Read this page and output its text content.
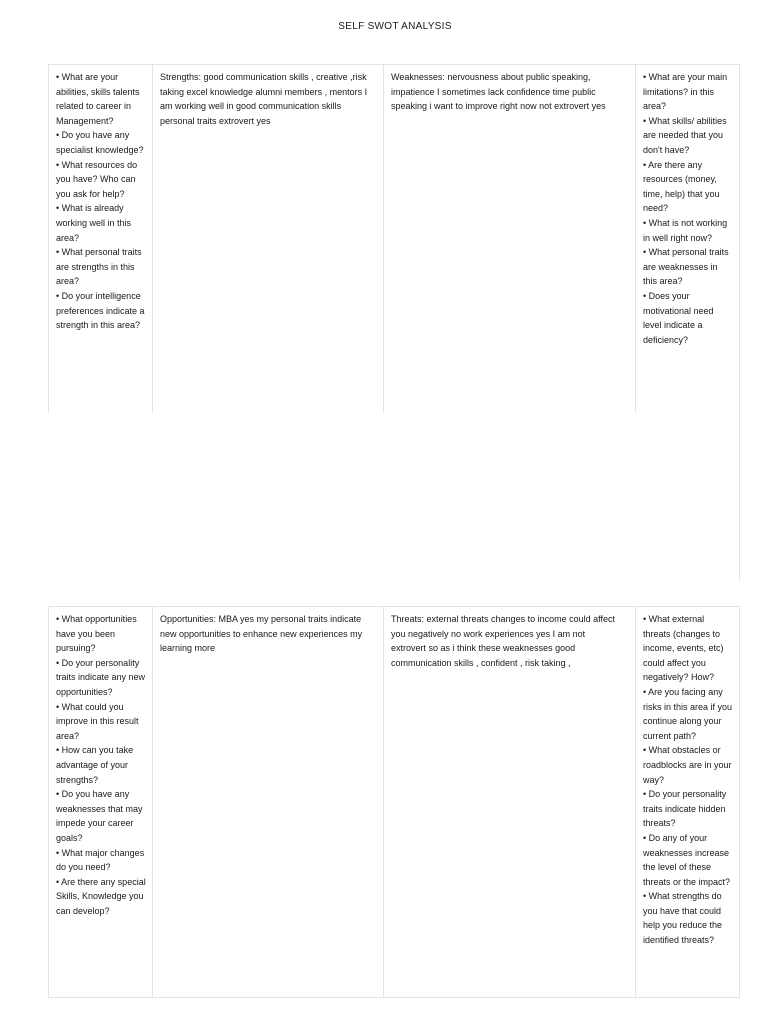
SELF SWOT ANALYSIS
• What are your abilities, skills talents related to career in Management?
• Do you have any specialist knowledge?
• What resources do you have? Who can you ask for help?
• What is already working well in this area?
• What personal traits are strengths in this area?
• Do your intelligence preferences indicate a strength in this area?
Strengths: good communication skills , creative ,risk taking excel knowledge alumni members , mentors I am working well in good communication skills personal traits extrovert yes
Weaknesses: nervousness about public speaking, impatience I sometimes lack confidence time public speaking i want to improve right now not extrovert yes
• What are your main limitations? in this area?
• What skills/ abilities are needed that you don't have?
• Are there any resources (money, time, help) that you need?
• What is not working in well right now?
• What personal traits are weaknesses in this area?
• Does your motivational need level indicate a deficiency?
• What opportunities have you been pursuing?
• Do your personality traits indicate any new opportunities?
• What could you improve in this result area?
• How can you take advantage of your strengths?
• Do you have any weaknesses that may impede your career goals?
• What major changes do you need?
• Are there any special Skills, Knowledge you can develop?
Opportunities: MBA yes my personal traits indicate new opportunities to enhance new experiences my learning more
Threats: external threats changes to income could affect you negatively no work experiences yes I am not extrovert so as i think these weaknesses good communication skills , confident , risk taking ,
• What external threats (changes to income, events, etc) could affect you negatively? How?
• Are you facing any risks in this area if you continue along your current path?
• What obstacles or roadblocks are in your way?
• Do your personality traits indicate hidden threats?
• Do any of your weaknesses increase the level of these threats or the impact?
• What strengths do you have that could help you reduce the identified threats?
